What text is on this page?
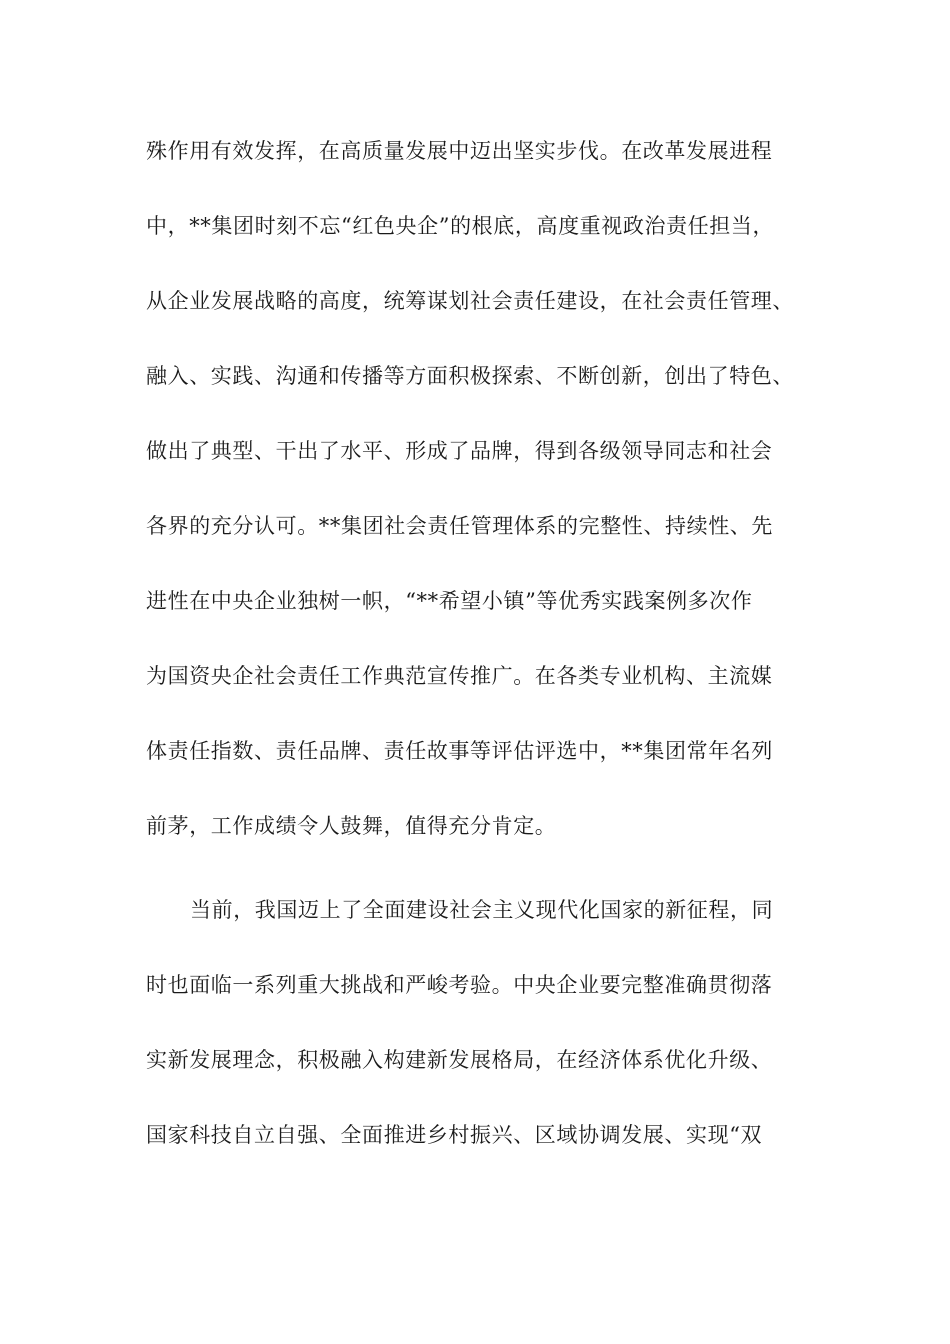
殊作用有效发挥，在高质量发展中迈出坚实步伐。在改革发展进程
中，**集团时刻不忘“红色央企”的根底，高度重视政治责任担当，
从企业发展战略的高度，统筹谋划社会责任建设，在社会责任管理、
融入、实践、沟通和传播等方面积极探索、不断创新，创出了特色、
做出了典型、干出了水平、形成了品牌，得到各级领导同志和社会
各界的充分认可。**集团社会责任管理体系的完整性、持续性、先
进性在中央企业独树一帜，“**希望小镇”等优秀实践案例多次作
为国资央企社会责任工作典范宣传推广。在各类专业机构、主流媒
体责任指数、责任品牌、责任故事等评估评选中，**集团常年名列
前茅，工作成绩令人鼓舞，值得充分肯定。
当前，我国迈上了全面建设社会主义现代化国家的新征程，同
时也面临一系列重大挑战和严峻考验。中央企业要完整准确贯彻落
实新发展理念，积极融入构建新发展格局，在经济体系优化升级、
国家科技自立自强、全面推进乡村振兴、区域协调发展、实现“双
